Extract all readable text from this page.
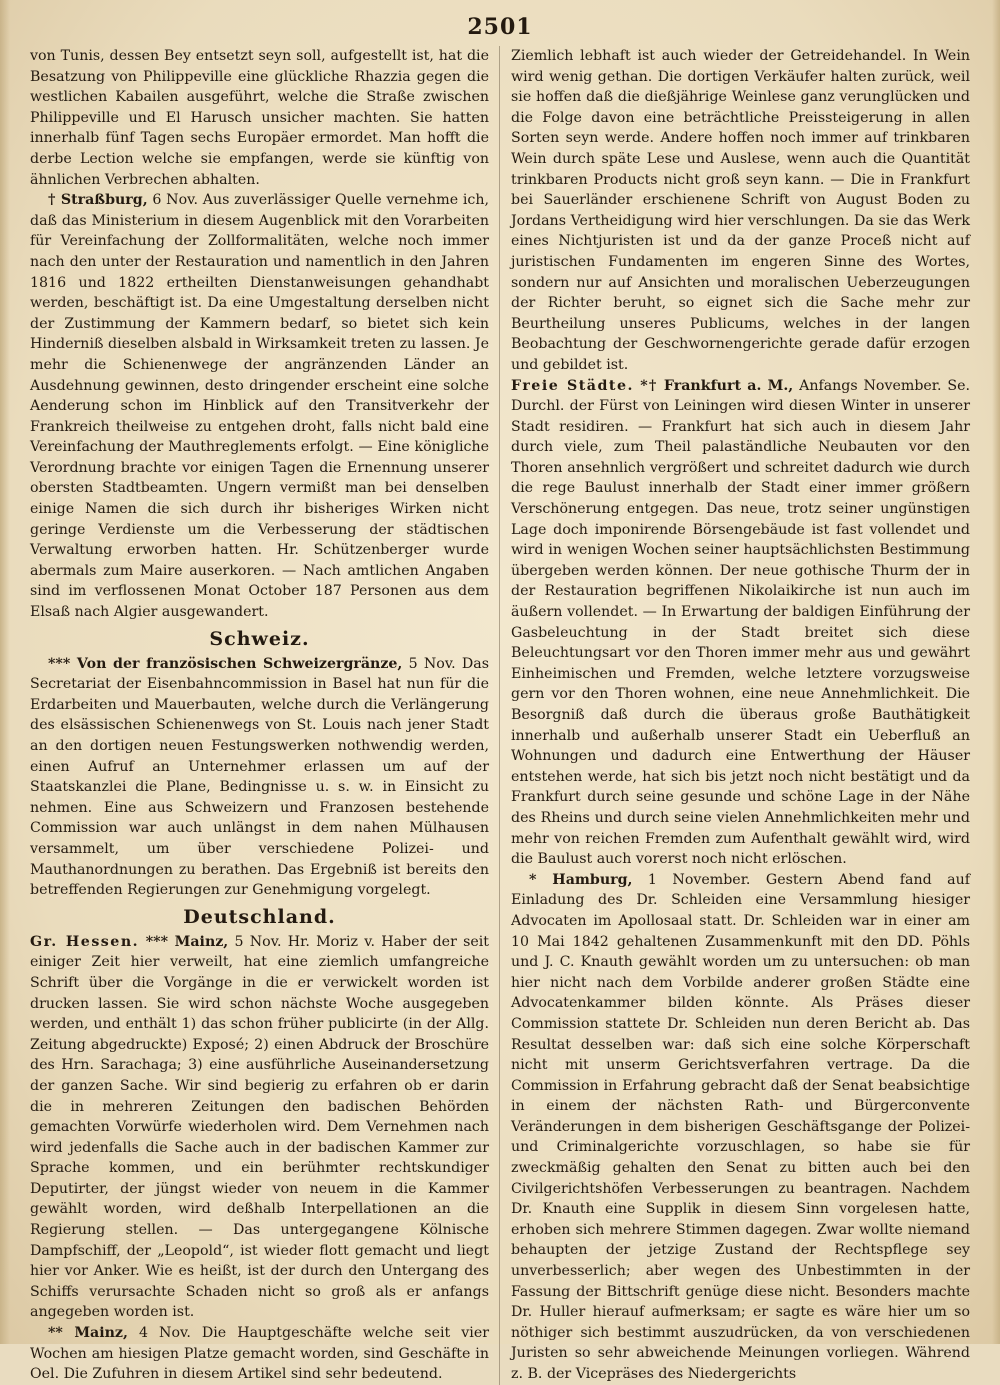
2501

von Tunis, dessen Bey entsetzt seyn soll, aufgestellt ist, hat die Besatzung von Philippeville eine glückliche Rhazzia gegen die westlichen Kabailen ausgeführt, welche die Straße zwischen Philippeville und El Harusch unsicher machten. Sie hatten innerhalb fünf Tagen sechs Europäer ermordet. Man hofft die derbe Lection welche sie empfangen, werde sie künftig von ähnlichen Verbrechen abhalten.

† Straßburg, 6 Nov. Aus zuverlässiger Quelle vernehme ich, daß das Ministerium in diesem Augenblick mit den Vorarbeiten für Vereinfachung der Zollformalitäten, welche noch immer nach den unter der Restauration und namentlich in den Jahren 1816 und 1822 ertheilten Dienstanweisungen gehandhabt werden, beschäftigt ist. Da eine Umgestaltung derselben nicht der Zustimmung der Kammern bedarf, so bietet sich kein Hinderniß dieselben alsbald in Wirksamkeit treten zu lassen. Je mehr die Schienenwege der angränzenden Länder an Ausdehnung gewinnen, desto dringender erscheint eine solche Aenderung schon im Hinblick auf den Transitverkehr der Frankreich theilweise zu entgehen droht, falls nicht bald eine Vereinfachung der Mauthreglements erfolgt. — Eine königliche Verordnung brachte vor einigen Tagen die Ernennung unserer obersten Stadtbeamten. Ungern vermißt man bei denselben einige Namen die sich durch ihr bisheriges Wirken nicht geringe Verdienste um die Verbesserung der städtischen Verwaltung erworben hatten. Hr. Schützenberger wurde abermals zum Maire auserkoren. — Nach amtlichen Angaben sind im verflossenen Monat October 187 Personen aus dem Elsaß nach Algier ausgewandert.

Schweiz.

*** Von der französischen Schweizergränze, 5 Nov. Das Secretariat der Eisenbahncommission in Basel hat nun für die Erdarbeiten und Mauerbauten, welche durch die Verlängerung des elsässischen Schienenwegs von St. Louis nach jener Stadt an den dortigen neuen Festungswerken nothwendig werden, einen Aufruf an Unternehmer erlassen um auf der Staatskanzlei die Plane, Bedingnisse u. s. w. in Einsicht zu nehmen. Eine aus Schweizern und Franzosen bestehende Commission war auch unlängst in dem nahen Mülhausen versammelt, um über verschiedene Polizei- und Mauthanordnungen zu berathen. Das Ergebniß ist bereits den betreffenden Regierungen zur Genehmigung vorgelegt.

Deutschland.

Gr. Hessen. *** Mainz, 5 Nov. Hr. Moriz v. Haber der seit einiger Zeit hier verweilt, hat eine ziemlich umfangreiche Schrift über die Vorgänge in die er verwickelt worden ist drucken lassen. Sie wird schon nächste Woche ausgegeben werden, und enthält 1) das schon früher publicirte (in der Allg. Zeitung abgedruckte) Exposé; 2) einen Abdruck der Broschüre des Hrn. Sarachaga; 3) eine ausführliche Auseinandersetzung der ganzen Sache. Wir sind begierig zu erfahren ob er darin die in mehreren Zeitungen den badischen Behörden gemachten Vorwürfe wiederholen wird. Dem Vernehmen nach wird jedenfalls die Sache auch in der badischen Kammer zur Sprache kommen, und ein berühmter rechtskundiger Deputirter, der jüngst wieder von neuem in die Kammer gewählt worden, wird deßhalb Interpellationen an die Regierung stellen. — Das untergegangene Kölnische Dampfschiff, der „Leopold“, ist wieder flott gemacht und liegt hier vor Anker. Wie es heißt, ist der durch den Untergang des Schiffs verursachte Schaden nicht so groß als er anfangs angegeben worden ist.

** Mainz, 4 Nov. Die Hauptgeschäfte welche seit vier Wochen am hiesigen Platze gemacht worden, sind Geschäfte in Oel. Die Zufuhren in diesem Artikel sind sehr bedeutend.

Ziemlich lebhaft ist auch wieder der Getreidehandel. In Wein wird wenig gethan. Die dortigen Verkäufer halten zurück, weil sie hoffen daß die dießjährige Weinlese ganz verunglücken und die Folge davon eine beträchtliche Preissteigerung in allen Sorten seyn werde. Andere hoffen noch immer auf trinkbaren Wein durch späte Lese und Auslese, wenn auch die Quantität trinkbaren Products nicht groß seyn kann. — Die in Frankfurt bei Sauerländer erschienene Schrift von August Boden zu Jordans Vertheidigung wird hier verschlungen. Da sie das Werk eines Nichtjuristen ist und da der ganze Proceß nicht auf juristischen Fundamenten im engeren Sinne des Wortes, sondern nur auf Ansichten und moralischen Ueberzeugungen der Richter beruht, so eignet sich die Sache mehr zur Beurtheilung unseres Publicums, welches in der langen Beobachtung der Geschwornengerichte gerade dafür erzogen und gebildet ist.

Freie Städte. *† Frankfurt a. M., Anfangs November. Se. Durchl. der Fürst von Leiningen wird diesen Winter in unserer Stadt residiren. — Frankfurt hat sich auch in diesem Jahr durch viele, zum Theil palaständliche Neubauten vor den Thoren ansehnlich vergrößert und schreitet dadurch wie durch die rege Baulust innerhalb der Stadt einer immer größern Verschönerung entgegen. Das neue, trotz seiner ungünstigen Lage doch imponirende Börsengebäude ist fast vollendet und wird in wenigen Wochen seiner hauptsächlichsten Bestimmung übergeben werden können. Der neue gothische Thurm der in der Restauration begriffenen Nikolaikirche ist nun auch im äußern vollendet. — In Erwartung der baldigen Einführung der Gasbeleuchtung in der Stadt breitet sich diese Beleuchtungsart vor den Thoren immer mehr aus und gewährt Einheimischen und Fremden, welche letztere vorzugsweise gern vor den Thoren wohnen, eine neue Annehmlichkeit. Die Besorgniß daß durch die überaus große Bauthätigkeit innerhalb und außerhalb unserer Stadt ein Ueberfluß an Wohnungen und dadurch eine Entwerthung der Häuser entstehen werde, hat sich bis jetzt noch nicht bestätigt und da Frankfurt durch seine gesunde und schöne Lage in der Nähe des Rheins und durch seine vielen Annehmlichkeiten mehr und mehr von reichen Fremden zum Aufenthalt gewählt wird, wird die Baulust auch vorerst noch nicht erlöschen.

* Hamburg, 1 November. Gestern Abend fand auf Einladung des Dr. Schleiden eine Versammlung hiesiger Advocaten im Apollosaal statt. Dr. Schleiden war in einer am 10 Mai 1842 gehaltenen Zusammenkunft mit den DD. Pöhls und J. C. Knauth gewählt worden um zu untersuchen: ob man hier nicht nach dem Vorbilde anderer großen Städte eine Advocatenkammer bilden könnte. Als Präses dieser Commission stattete Dr. Schleiden nun deren Bericht ab. Das Resultat desselben war: daß sich eine solche Körperschaft nicht mit unserm Gerichtsverfahren vertrage. Da die Commission in Erfahrung gebracht daß der Senat beabsichtige in einem der nächsten Rath- und Bürgerconvente Veränderungen in dem bisherigen Geschäftsgange der Polizei- und Criminalgerichte vorzuschlagen, so habe sie für zweckmäßig gehalten den Senat zu bitten auch bei den Civilgerichtshöfen Verbesserungen zu beantragen. Nachdem Dr. Knauth eine Supplik in diesem Sinn vorgelesen hatte, erhoben sich mehrere Stimmen dagegen. Zwar wollte niemand behaupten der jetzige Zustand der Rechtspflege sey unverbesserlich; aber wegen des Unbestimmten in der Fassung der Bittschrift genüge diese nicht. Besonders machte Dr. Huller hierauf aufmerksam; er sagte es wäre hier um so nöthiger sich bestimmt auszudrücken, da von verschiedenen Juristen so sehr abweichende Meinungen vorliegen. Während z. B. der Vicepräses des Niedergerichts
